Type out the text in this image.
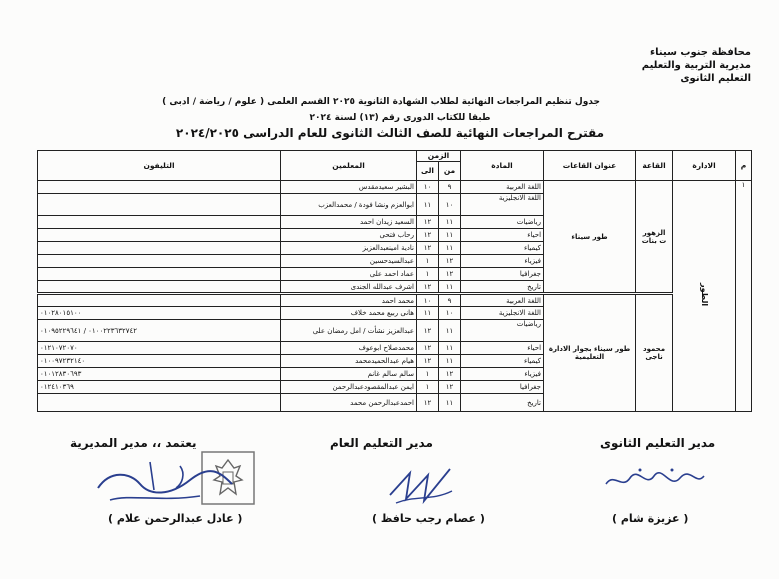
محافظة جنوب سيناء
مديرية التربية والتعليم
التعليم الثانوى
جدول تنظيم المراجعات النهائية لطلاب الشهادة الثانوية ٢٠٢٥ القسم العلمى ( علوم / رياضة / ادبى )
طبقا للكتاب الدورى رقم (١٣) لسنة ٢٠٢٤
مقترح المراجعات النهائية للصف الثالث الثانوى للعام الدراسى ٢٠٢٤/٢٠٢٥
م	الادارة	القاعة	عنوان القاعات	المادة	الزمن		المعلمين	التليفون
					من	الى		
١	الطور	الزهور ت بنات	طور سيناء	اللغة العربية	٩	١٠	البشير سعيدمقدس	
				اللغة الانجليزية	١٠	١١	ابوالعزم ونشا فودة / محمدالعزب	
				رياضيات	١١	١٢	السعيد زيدان احمد	
				احياء	١١	١٢	رحاب فتحى	
				كيمياء	١١	١٢	نادية امينعبدالعزيز	
				فيزياء	١٢	١	عبدالسيدحسين	
				جغرافيا	١٢	١	عماد احمد على	
				تاريخ	١١	١٢	اشرف عبدالله الجندى	
		محمود ناجى	طور سيناء بجوار الادارة التعليمية	اللغة العربية	٩	١٠	محمد احمد	
				اللغة الانجليزية	١٠	١١	هانى ربيع محمد خلاف	٠١٠٢٨٠١٥١٠٠
				رياضيات	١١	١٢	عبدالعزيز نشأت / امل رمضان على	٠١٠٠٢٢٣٦٣٢٧٤٢ / ٠١٠٩٥٢٢٩٦٤١
				احياء	١١	١٢	محمدصلاح ابوعوف	٠١٢١٠٧٢٠٧٠
				كيمياء	١١	١٢	هيام عبدالحميدمحمد	٠١٠٠٩٧٢٣٢١٤٠
				فيزياء	١٢	١	سالم سالم غانم	٠١٠١٢٨٣٠٦٩٣
				جغرافيا	١٢	١	ايمن عبدالمقصودعبدالرحمن	٠١٢٤١٠٣٦٩
				تاريخ	١١	١٢	احمدعبدالرحمن محمد	
يعتمد ،، مدير المديرية	مدير التعليم العام	مدير التعليم الثانوى
( عادل عبدالرحمن علام )	( عصام رجب حافظ )	( عزيزة شام )
